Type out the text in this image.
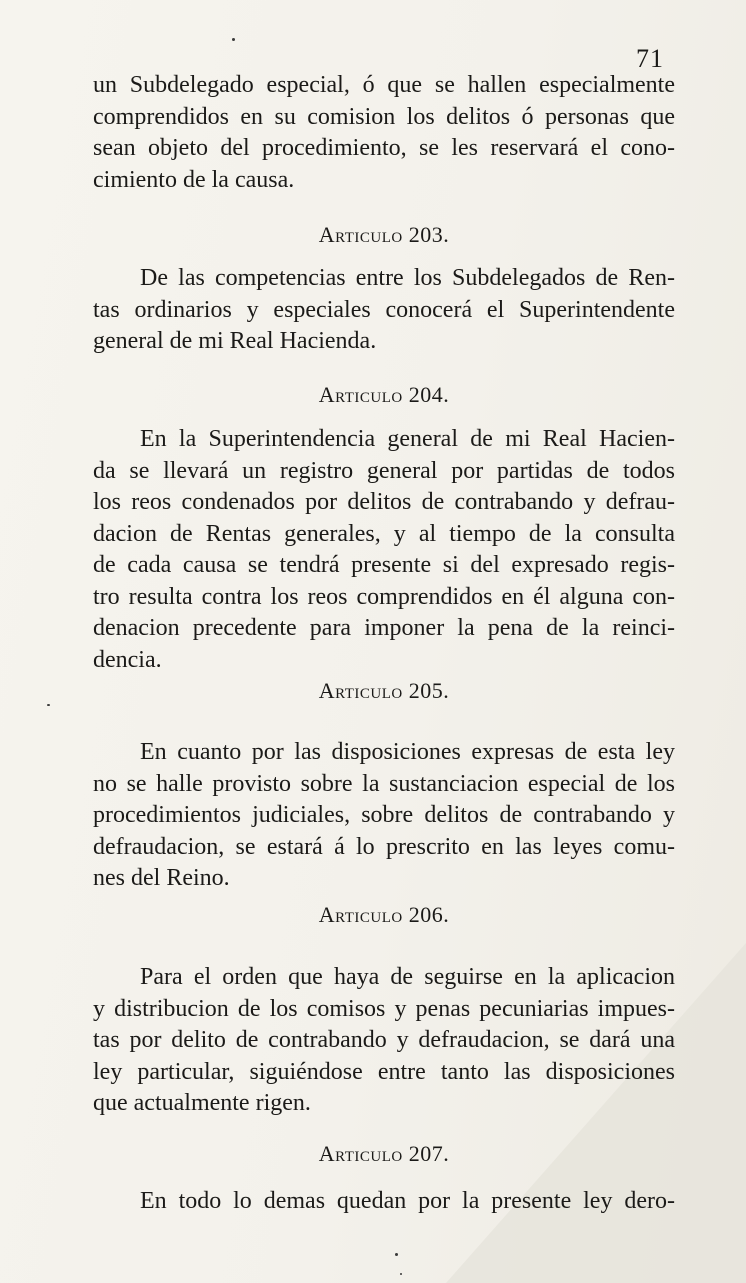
71
un Subdelegado especial, ó que se hallen especialmente
comprendidos en su comision los delitos ó personas que
sean objeto del procedimiento, se les reservará el cono-
cimiento de la causa.
Articulo 203.
De las competencias entre los Subdelegados de Ren-
tas ordinarios y especiales conocerá el Superintendente
general de mi Real Hacienda.
Articulo 204.
En la Superintendencia general de mi Real Hacien-
da se llevará un registro general por partidas de todos
los reos condenados por delitos de contrabando y defrau-
dacion de Rentas generales, y al tiempo de la consulta
de cada causa se tendrá presente si del expresado regis-
tro resulta contra los reos comprendidos en él alguna con-
denacion precedente para imponer la pena de la reinci-
dencia.
Articulo 205.
En cuanto por las disposiciones expresas de esta ley
no se halle provisto sobre la sustanciacion especial de los
procedimientos judiciales, sobre delitos de contrabando y
defraudacion, se estará á lo prescrito en las leyes comu-
nes del Reino.
Articulo 206.
Para el orden que haya de seguirse en la aplicacion
y distribucion de los comisos y penas pecuniarias impues-
tas por delito de contrabando y defraudacion, se dará una
ley particular, siguiéndose entre tanto las disposiciones
que actualmente rigen.
Articulo 207.
En todo lo demas quedan por la presente ley dero-
